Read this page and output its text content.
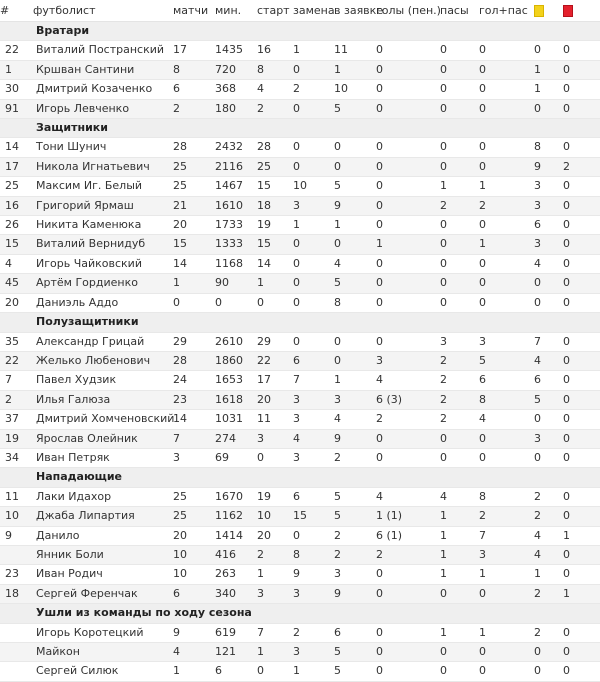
#	футболист	матчи	мин.	старт	замена	в заявке	голы (пен.)	пасы	гол+пас		
	Вратари										
22	Виталий Постранский	17	1435	16	1	11	0	0	0	0	0
1	Кршван Сантини	8	720	8	0	1	0	0	0	1	0
30	Дмитрий Козаченко	6	368	4	2	10	0	0	0	1	0
91	Игорь Левченко	2	180	2	0	5	0	0	0	0	0
	Защитники										
14	Тони Шунич	28	2432	28	0	0	0	0	0	8	0
17	Никола Игнатьевич	25	2116	25	0	0	0	0	0	9	2
25	Максим Иг. Белый	25	1467	15	10	5	0	1	1	3	0
16	Григорий Ярмаш	21	1610	18	3	9	0	2	2	3	0
26	Никита Каменюка	20	1733	19	1	1	0	0	0	6	0
15	Виталий Вернидуб	15	1333	15	0	0	1	0	1	3	0
4	Игорь Чайковский	14	1168	14	0	4	0	0	0	4	0
45	Артём Гордиенко	1	90	1	0	5	0	0	0	0	0
20	Даниэль Аддо	0	0	0	0	8	0	0	0	0	0
	Полузащитники										
35	Александр Грицай	29	2610	29	0	0	0	3	3	7	0
22	Желько Любенович	28	1860	22	6	0	3	2	5	4	0
7	Павел Худзик	24	1653	17	7	1	4	2	6	6	0
2	Илья Галюза	23	1618	20	3	3	6 (3)	2	8	5	0
37	Дмитрий Хомченовский	14	1031	11	3	4	2	2	4	0	0
19	Ярослав Олейник	7	274	3	4	9	0	0	0	3	0
34	Иван Петряк	3	69	0	3	2	0	0	0	0	0
	Нападающие										
11	Лаки Идахор	25	1670	19	6	5	4	4	8	2	0
10	Джаба Липартия	25	1162	10	15	5	1 (1)	1	2	2	0
9	Данило	20	1414	20	0	2	6 (1)	1	7	4	1
	Янник Боли	10	416	2	8	2	2	1	3	4	0
23	Иван Родич	10	263	1	9	3	0	1	1	1	0
18	Сергей Ференчак	6	340	3	3	9	0	0	0	2	1
	Ушли из команды по ходу сезона										
	Игорь Коротецкий	9	619	7	2	6	0	1	1	2	0
	Майкон	4	121	1	3	5	0	0	0	0	0
	Сергей Силюк	1	6	0	1	5	0	0	0	0	0
